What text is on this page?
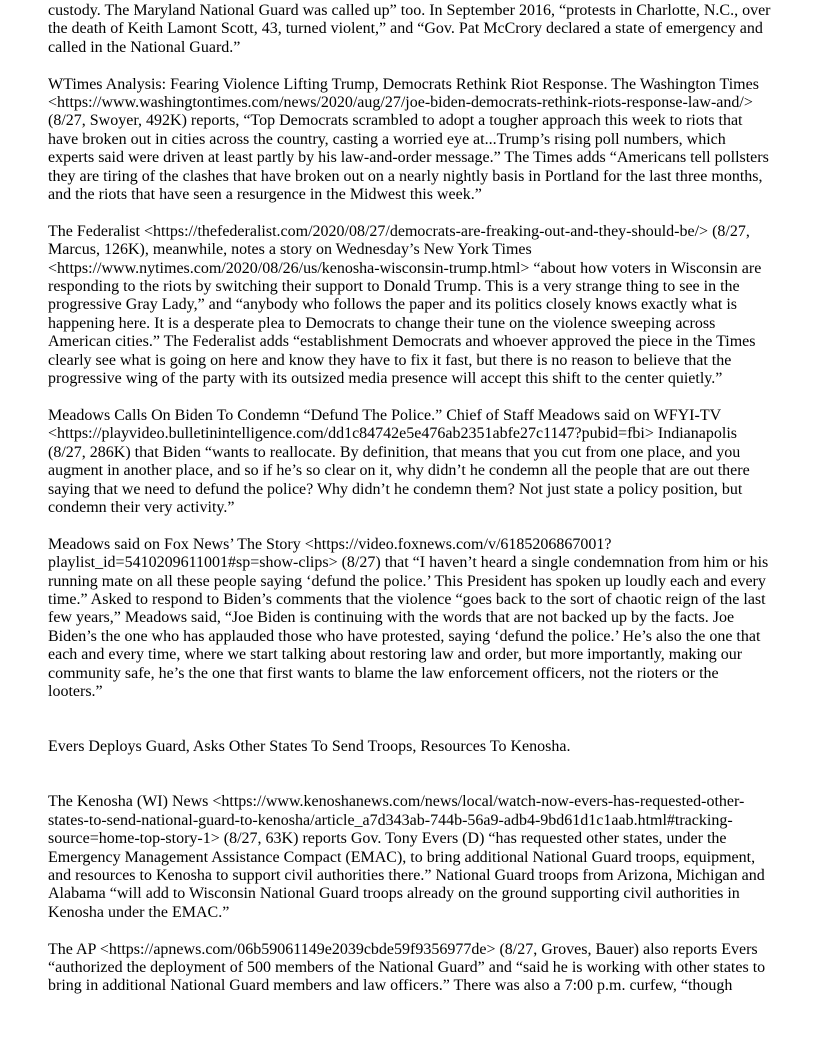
custody. The Maryland National Guard was called up” too. In September 2016, “protests in Charlotte, N.C., over
the death of Keith Lamont Scott, 43, turned violent,” and “Gov. Pat McCrory declared a state of emergency and
called in the National Guard.”

WTimes Analysis: Fearing Violence Lifting Trump, Democrats Rethink Riot Response. The Washington Times
<https://www.washingtontimes.com/news/2020/aug/27/joe-biden-democrats-rethink-riots-response-law-and/>
(8/27, Swoyer, 492K) reports, “Top Democrats scrambled to adopt a tougher approach this week to riots that
have broken out in cities across the country, casting a worried eye at...Trump’s rising poll numbers, which
experts said were driven at least partly by his law-and-order message.” The Times adds “Americans tell pollsters
they are tiring of the clashes that have broken out on a nearly nightly basis in Portland for the last three months,
and the riots that have seen a resurgence in the Midwest this week.”

The Federalist <https://thefederalist.com/2020/08/27/democrats-are-freaking-out-and-they-should-be/> (8/27,
Marcus, 126K), meanwhile, notes a story on Wednesday’s New York Times
<https://www.nytimes.com/2020/08/26/us/kenosha-wisconsin-trump.html> “about how voters in Wisconsin are
responding to the riots by switching their support to Donald Trump. This is a very strange thing to see in the
progressive Gray Lady,” and “anybody who follows the paper and its politics closely knows exactly what is
happening here. It is a desperate plea to Democrats to change their tune on the violence sweeping across
American cities.” The Federalist adds “establishment Democrats and whoever approved the piece in the Times
clearly see what is going on here and know they have to fix it fast, but there is no reason to believe that the
progressive wing of the party with its outsized media presence will accept this shift to the center quietly.”

Meadows Calls On Biden To Condemn “Defund The Police.” Chief of Staff Meadows said on WFYI-TV
<https://playvideo.bulletinintelligence.com/dd1c84742e5e476ab2351abfe27c1147?pubid=fbi> Indianapolis
(8/27, 286K) that Biden “wants to reallocate. By definition, that means that you cut from one place, and you
augment in another place, and so if he’s so clear on it, why didn’t he condemn all the people that are out there
saying that we need to defund the police? Why didn’t he condemn them? Not just state a policy position, but
condemn their very activity.”

Meadows said on Fox News’ The Story <https://video.foxnews.com/v/6185206867001?
playlist_id=5410209611001#sp=show-clips> (8/27) that “I haven’t heard a single condemnation from him or his
running mate on all these people saying ‘defund the police.’ This President has spoken up loudly each and every
time.” Asked to respond to Biden’s comments that the violence “goes back to the sort of chaotic reign of the last
few years,” Meadows said, “Joe Biden is continuing with the words that are not backed up by the facts. Joe
Biden’s the one who has applauded those who have protested, saying ‘defund the police.’ He’s also the one that
each and every time, where we start talking about restoring law and order, but more importantly, making our
community safe, he’s the one that first wants to blame the law enforcement officers, not the rioters or the
looters.”

Evers Deploys Guard, Asks Other States To Send Troops, Resources To Kenosha.

The Kenosha (WI) News <https://www.kenoshanews.com/news/local/watch-now-evers-has-requested-other-
states-to-send-national-guard-to-kenosha/article_a7d343ab-744b-56a9-adb4-9bd61d1c1aab.html#tracking-
source=home-top-story-1> (8/27, 63K) reports Gov. Tony Evers (D) “has requested other states, under the
Emergency Management Assistance Compact (EMAC), to bring additional National Guard troops, equipment,
and resources to Kenosha to support civil authorities there.” National Guard troops from Arizona, Michigan and
Alabama “will add to Wisconsin National Guard troops already on the ground supporting civil authorities in
Kenosha under the EMAC.”

The AP <https://apnews.com/06b59061149e2039cbde59f9356977de> (8/27, Groves, Bauer) also reports Evers
“authorized the deployment of 500 members of the National Guard” and “said he is working with other states to
bring in additional National Guard members and law officers.” There was also a 7:00 p.m. curfew, “though
